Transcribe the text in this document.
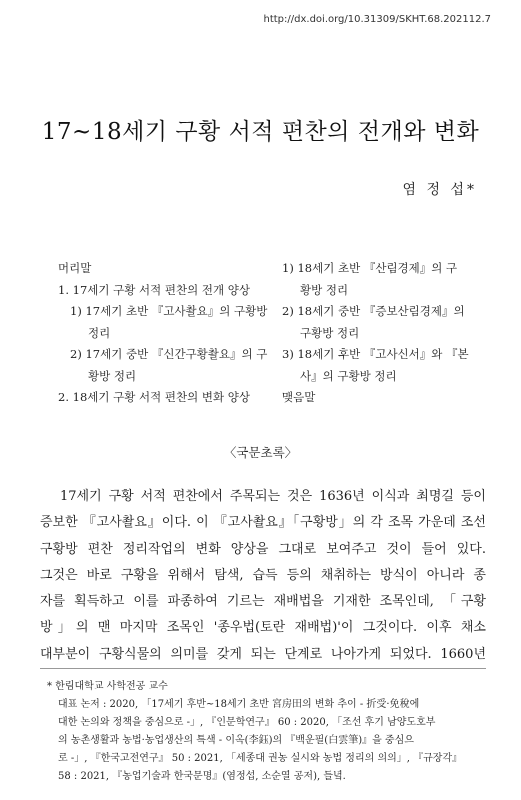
http://dx.doi.org/10.31309/SKHT.68.202112.7
17~18세기 구황 서적 편찬의 전개와 변화
염 정 섭*
머리말
1. 17세기 구황 서적 편찬의 전개 양상
1) 17세기 초반 『고사촬요』의 구황방
정리
2) 17세기 중반 『신간구황촬요』의 구
황방 정리
2. 18세기 구황 서적 편찬의 변화 양상
1) 18세기 초반 『산림경제』의 구
황방 정리
2) 18세기 중반 『증보산림경제』의
구황방 정리
3) 18세기 후반 『고사신서』와 『본
사』의 구황방 정리
맺음말
〈국문초록〉
17세기 구황 서적 편찬에서 주목되는 것은 1636년 이식과 최명길 등이
증보한 『고사촬요』이다. 이 『고사촬요』「구황방」의 각 조목 가운데 조선
구황방 편찬 정리작업의 변화 양상을 그대로 보여주고 것이 들어 있다.
그것은 바로 구황을 위해서 탐색, 습득 등의 채취하는 방식이 아니라 종
자를 획득하고 이를 파종하여 기르는 재배법을 기재한 조목인데, 「구황
방」의 맨 마지막 조목인 '종우법(토란 재배법)'이 그것이다. 이후 채소
대부분이 구황식물의 의미를 갖게 되는 단계로 나아가게 되었다. 1660년
* 한림대학교 사학전공 교수
대표 논저 : 2020, 「17세기 후반~18세기 초반 宮房田의 변화 추이 - 折受·免稅에
대한 논의와 정책을 중심으로 -」, 『인문학연구』 60 : 2020, 「조선 후기 남양도호부
의 농촌생활과 농법·농업생산의 특색 - 이옥(李鈺)의 『백운필(白雲筆)』을 중심으
로 -」, 『한국고전연구』 50 : 2021, 「세종대 권농 실시와 농법 정리의 의의」, 『규장각』
58 : 2021, 『농업기술과 한국문명』(염정섭, 소순열 공저), 들녘.
